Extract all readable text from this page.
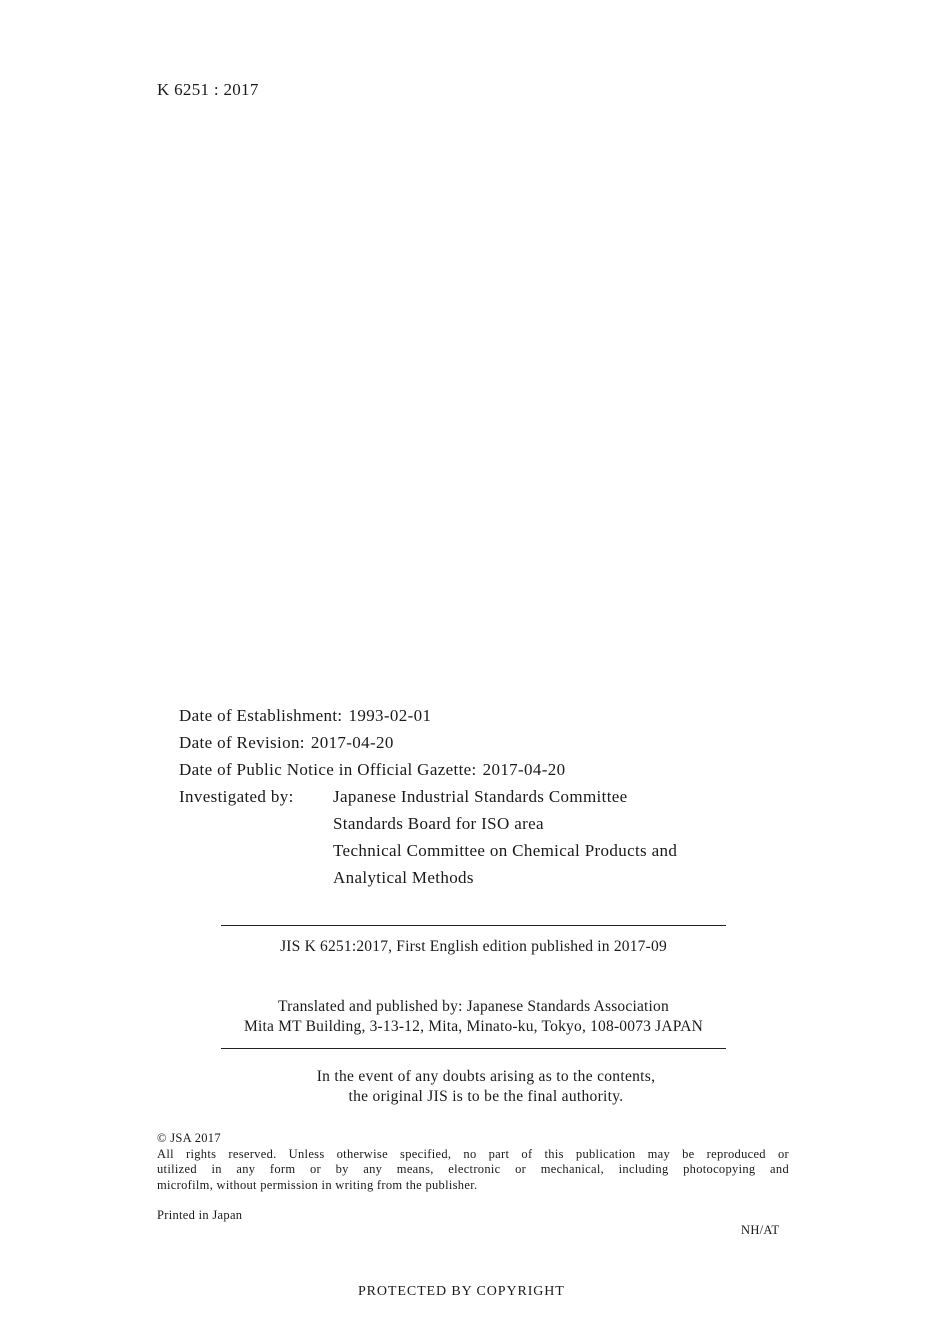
K 6251 : 2017
Date of Establishment: 1993-02-01
Date of Revision: 2017-04-20
Date of Public Notice in Official Gazette: 2017-04-20
Investigated by:	Japanese Industrial Standards Committee
Standards Board for ISO area
Technical Committee on Chemical Products and
Analytical Methods
JIS K 6251:2017, First English edition published in 2017-09
Translated and published by: Japanese Standards Association
Mita MT Building, 3-13-12, Mita, Minato-ku, Tokyo, 108-0073 JAPAN
In the event of any doubts arising as to the contents,
the original JIS is to be the final authority.
© JSA 2017
All rights reserved. Unless otherwise specified, no part of this publication may be reproduced or
utilized in any form or by any means, electronic or mechanical, including photocopying and
microfilm, without permission in writing from the publisher.
Printed in Japan
NH/AT
PROTECTED BY COPYRIGHT
